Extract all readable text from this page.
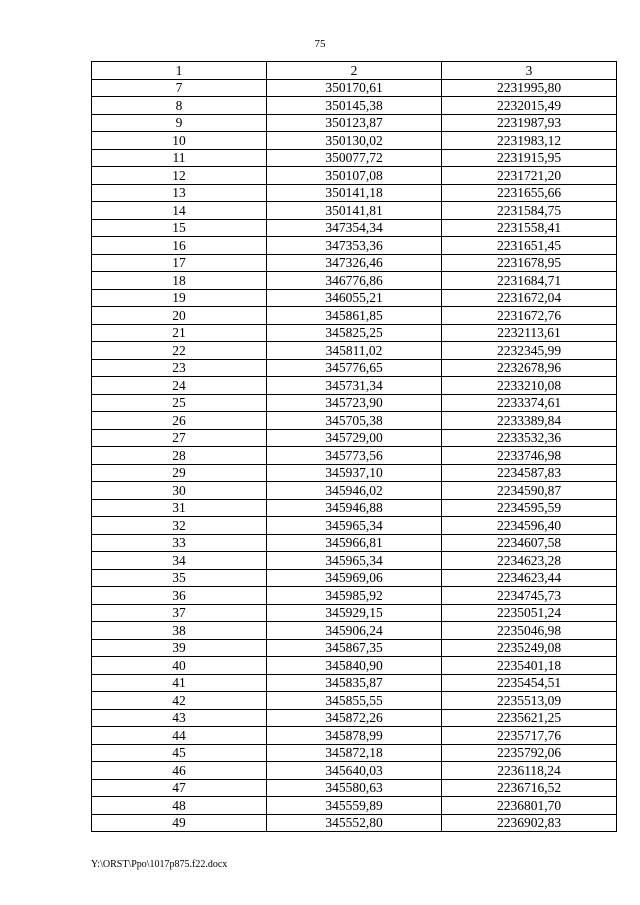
75
1	2	3
7	350170,61	2231995,80
8	350145,38	2232015,49
9	350123,87	2231987,93
10	350130,02	2231983,12
11	350077,72	2231915,95
12	350107,08	2231721,20
13	350141,18	2231655,66
14	350141,81	2231584,75
15	347354,34	2231558,41
16	347353,36	2231651,45
17	347326,46	2231678,95
18	346776,86	2231684,71
19	346055,21	2231672,04
20	345861,85	2231672,76
21	345825,25	2232113,61
22	345811,02	2232345,99
23	345776,65	2232678,96
24	345731,34	2233210,08
25	345723,90	2233374,61
26	345705,38	2233389,84
27	345729,00	2233532,36
28	345773,56	2233746,98
29	345937,10	2234587,83
30	345946,02	2234590,87
31	345946,88	2234595,59
32	345965,34	2234596,40
33	345966,81	2234607,58
34	345965,34	2234623,28
35	345969,06	2234623,44
36	345985,92	2234745,73
37	345929,15	2235051,24
38	345906,24	2235046,98
39	345867,35	2235249,08
40	345840,90	2235401,18
41	345835,87	2235454,51
42	345855,55	2235513,09
43	345872,26	2235621,25
44	345878,99	2235717,76
45	345872,18	2235792,06
46	345640,03	2236118,24
47	345580,63	2236716,52
48	345559,89	2236801,70
49	345552,80	2236902,83
Y:\ORST\Ppo\1017p875.f22.docx
